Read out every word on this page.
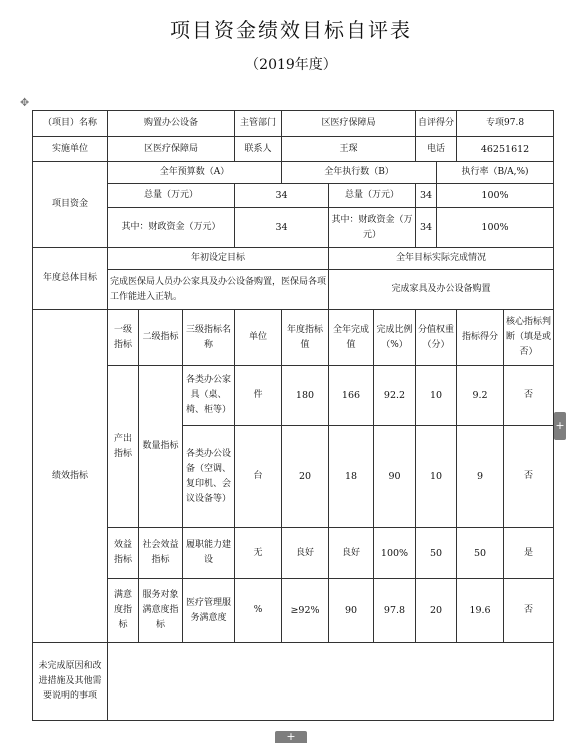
项目资金绩效目标自评表
（2019年度）
✥
+
+
（项目）名称	购置办公设备			主管部门	区医疗保障局			自评得分		专项97.8	
实施单位	区医疗保障局			联系人	王琛			电话		46251612	
项目资金	全年预算数（A）				全年执行数（B）				执行率（B/A,%)		
	总量（万元）			34		总量（万元）		34	100%		
	其中：财政资金（万元）			34		其中：财政资金（万元）		34	100%		
年度总体目标	年初设定目标					全年目标实际完成情况					
	完成医保局人员办公家具及办公设备购置，医保局各项工作能进入正轨。					完成家具及办公设备购置					
绩效指标	一级指标	二级指标	三级指标名称	单位	年度指标值	全年完成值	完成比例（%）	分值权重（分）		指标得分	核心指标判断（填是或否）
	产出指标	数量指标	各类办公家具（桌、椅、柜等）	件	180	166	92.2	10		9.2	否
			各类办公设备（空调、复印机、会议设备等）	台	20	18	90	10		9	否
	效益指标	社会效益指标	履职能力建设	无	良好	良好	100%	50		50	是
	满意度指标	服务对象满意度指标	医疗管理服务满意度	%	≥92%	90	97.8	20		19.6	否
未完成原因和改进措施及其他需要说明的事项											
